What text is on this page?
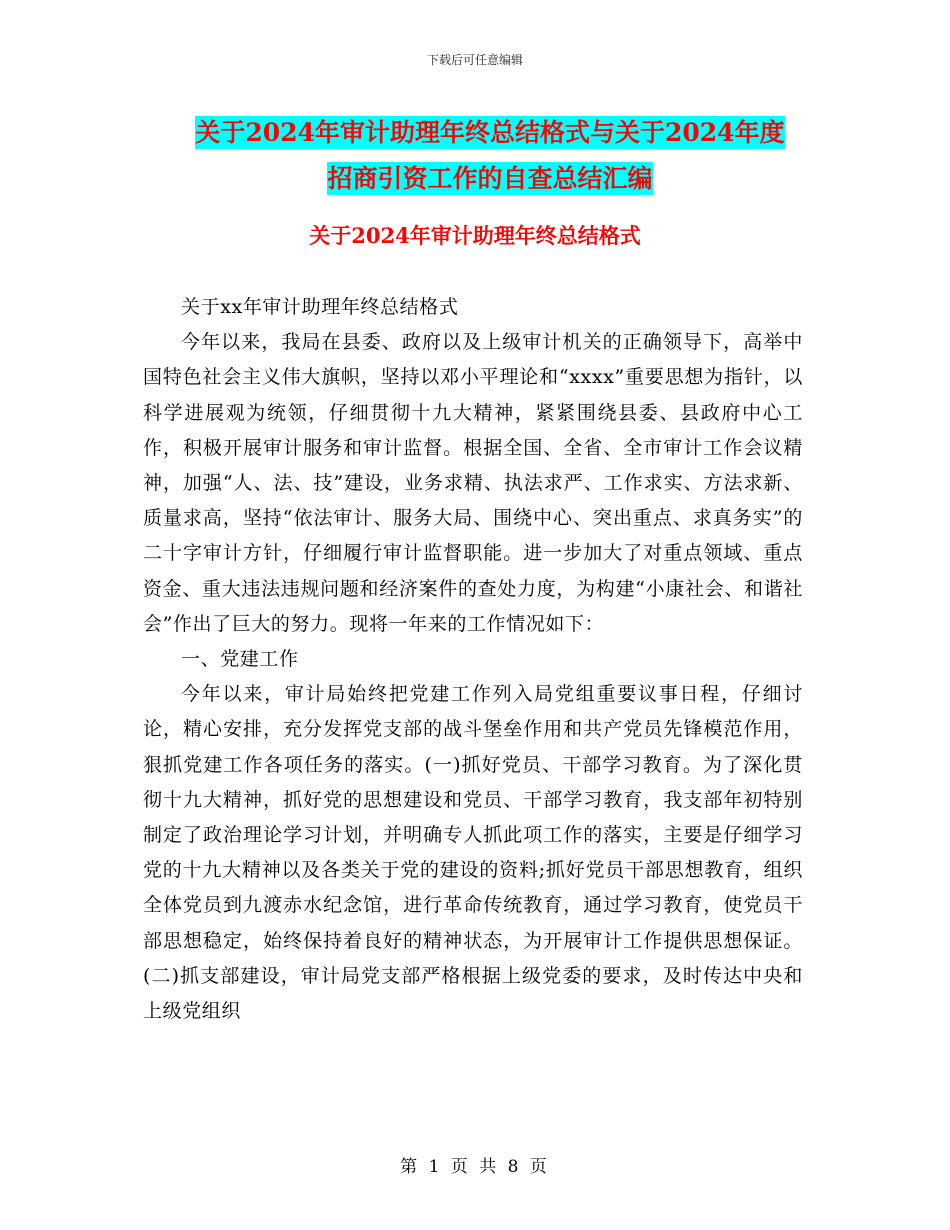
下载后可任意编辑
关于2024年审计助理年终总结格式与关于2024年度
招商引资工作的自查总结汇编
关于2024年审计助理年终总结格式

关于xx年审计助理年终总结格式

今年以来，我局在县委、政府以及上级审计机关的正确领导下，高举中国特色社会主义伟大旗帜，坚持以邓小平理论和“xxxx”重要思想为指针，以科学进展观为统领，仔细贯彻十九大精神，紧紧围绕县委、县政府中心工作，积极开展审计服务和审计监督。根据全国、全省、全市审计工作会议精神，加强“人、法、技”建设，业务求精、执法求严、工作求实、方法求新、质量求高，坚持“依法审计、服务大局、围绕中心、突出重点、求真务实”的二十字审计方针，仔细履行审计监督职能。进一步加大了对重点领域、重点资金、重大违法违规问题和经济案件的查处力度，为构建“小康社会、和谐社会”作出了巨大的努力。现将一年来的工作情况如下：

一、党建工作

今年以来，审计局始终把党建工作列入局党组重要议事日程，仔细讨论，精心安排，充分发挥党支部的战斗堡垒作用和共产党员先锋模范作用，狠抓党建工作各项任务的落实。(一)抓好党员、干部学习教育。为了深化贯彻十九大精神，抓好党的思想建设和党员、干部学习教育，我支部年初特别制定了政治理论学习计划，并明确专人抓此项工作的落实，主要是仔细学习党的十九大精神以及各类关于党的建设的资料;抓好党员干部思想教育，组织全体党员到九渡赤水纪念馆，进行革命传统教育，通过学习教育，使党员干部思想稳定，始终保持着良好的精神状态，为开展审计工作提供思想保证。(二)抓支部建设，审计局党支部严格根据上级党委的要求，及时传达中央和上级党组织

第 1 页 共 8 页
